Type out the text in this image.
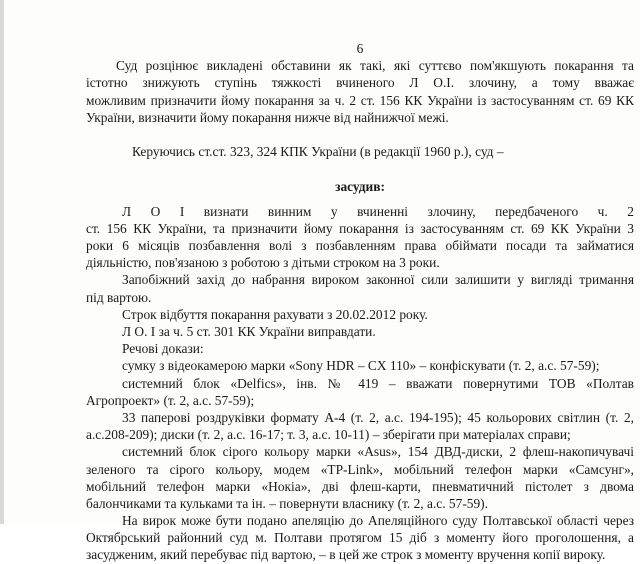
6
Суд розцінює викладені обставини як такі, які суттєво пом'якшують покарання та
істотно знижують ступінь тяжкості вчиненого Л О.І. злочину, а тому вважає
можливим призначити йому покарання за ч. 2 ст. 156 КК України із застосуванням ст. 69 КК
України, визначити йому покарання нижче від найнижчої межі.
Керуючись ст.ст. 323, 324 КПК України (в редакції 1960 р.), суд –
засудив:
Л О І визнати винним у вчиненні злочину, передбаченого ч. 2
ст. 156 КК України, та призначити йому покарання із застосуванням ст. 69 КК України 3
роки 6 місяців позбавлення волі з позбавленням права обіймати посади та займатися
діяльністю, пов'язаною з роботою з дітьми строком на 3 роки.
Запобіжний захід до набрання вироком законної сили залишити у вигляді тримання
під вартою.
Строк відбуття покарання рахувати з 20.02.2012 року.
Л О. І за ч. 5 ст. 301 КК України виправдати.
Речові докази:
сумку з відеокамерою марки «Sony HDR – CX 110» – конфіскувати (т. 2, а.с. 57-59);
системний блок «Delfics», інв. № 419 – вважати повернутими ТОВ «Полтав
Агропроект» (т. 2, а.с. 57-59);
33 паперові роздруківки формату А-4 (т. 2, а.с. 194-195); 45 кольорових світлин (т. 2,
а.с.208-209); диски (т. 2, а.с. 16-17; т. 3, а.с. 10-11) – зберігати при матеріалах справи;
системний блок сірого кольору марки «Asus», 154 ДВД-диски, 2 флеш-накопичувачі
зеленого та сірого кольору, модем «TP-Link», мобільний телефон марки «Самсунг»,
мобільний телефон марки «Нокіа», дві флеш-карти, пневматичний пістолет з двома
балончиками та кульками та ін. – повернути власнику (т. 2, а.с. 57-59).
На вирок може бути подано апеляцію до Апеляційного суду Полтавської області через
Октябрський районний суд м. Полтави протягом 15 діб з моменту його проголошення, а
засудженим, який перебуває під вартою, – в цей же строк з моменту вручення копії вироку.
